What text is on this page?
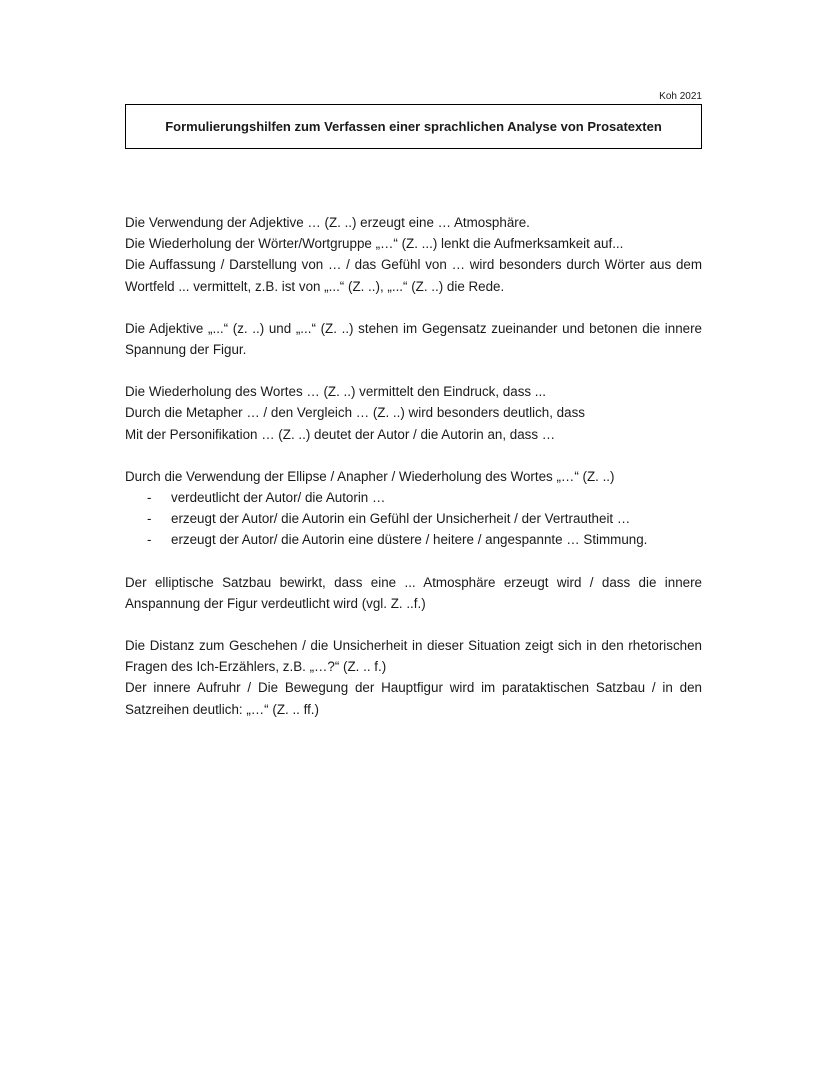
Koh 2021
Formulierungshilfen zum Verfassen einer sprachlichen Analyse von Prosatexten

Die Verwendung der Adjektive … (Z. ..) erzeugt eine … Atmosphäre.

Die Wiederholung der Wörter/Wortgruppe „…“ (Z. ...) lenkt die Aufmerksamkeit auf...

Die Auffassung / Darstellung von … / das Gefühl von … wird besonders durch Wörter aus dem Wortfeld ... vermittelt, z.B. ist von „...“ (Z. ..), „...“ (Z. ..) die Rede.

Die Adjektive „...“ (z. ..) und „...“ (Z. ..) stehen im Gegensatz zueinander und betonen die innere Spannung der Figur.

Die Wiederholung des Wortes … (Z. ..) vermittelt den Eindruck, dass ...

Durch die Metapher … / den Vergleich … (Z. ..) wird besonders deutlich, dass

Mit der Personifikation … (Z. ..) deutet der Autor / die Autorin an, dass …

Durch die Verwendung der Ellipse / Anapher / Wiederholung des Wortes „…“ (Z. ..)

- verdeutlicht der Autor/ die Autorin …
- erzeugt der Autor/ die Autorin ein Gefühl der Unsicherheit / der Vertrautheit …
- erzeugt der Autor/ die Autorin eine düstere / heitere / angespannte … Stimmung.

Der elliptische Satzbau bewirkt, dass eine ... Atmosphäre erzeugt wird / dass die innere Anspannung der Figur verdeutlicht wird (vgl. Z. ..f.)

Die Distanz zum Geschehen / die Unsicherheit in dieser Situation zeigt sich in den rhetorischen Fragen des Ich-Erzählers, z.B. „…?“ (Z. .. f.)

Der innere Aufruhr / Die Bewegung der Hauptfigur wird im parataktischen Satzbau / in den Satzreihen deutlich: „…“ (Z. .. ff.)
